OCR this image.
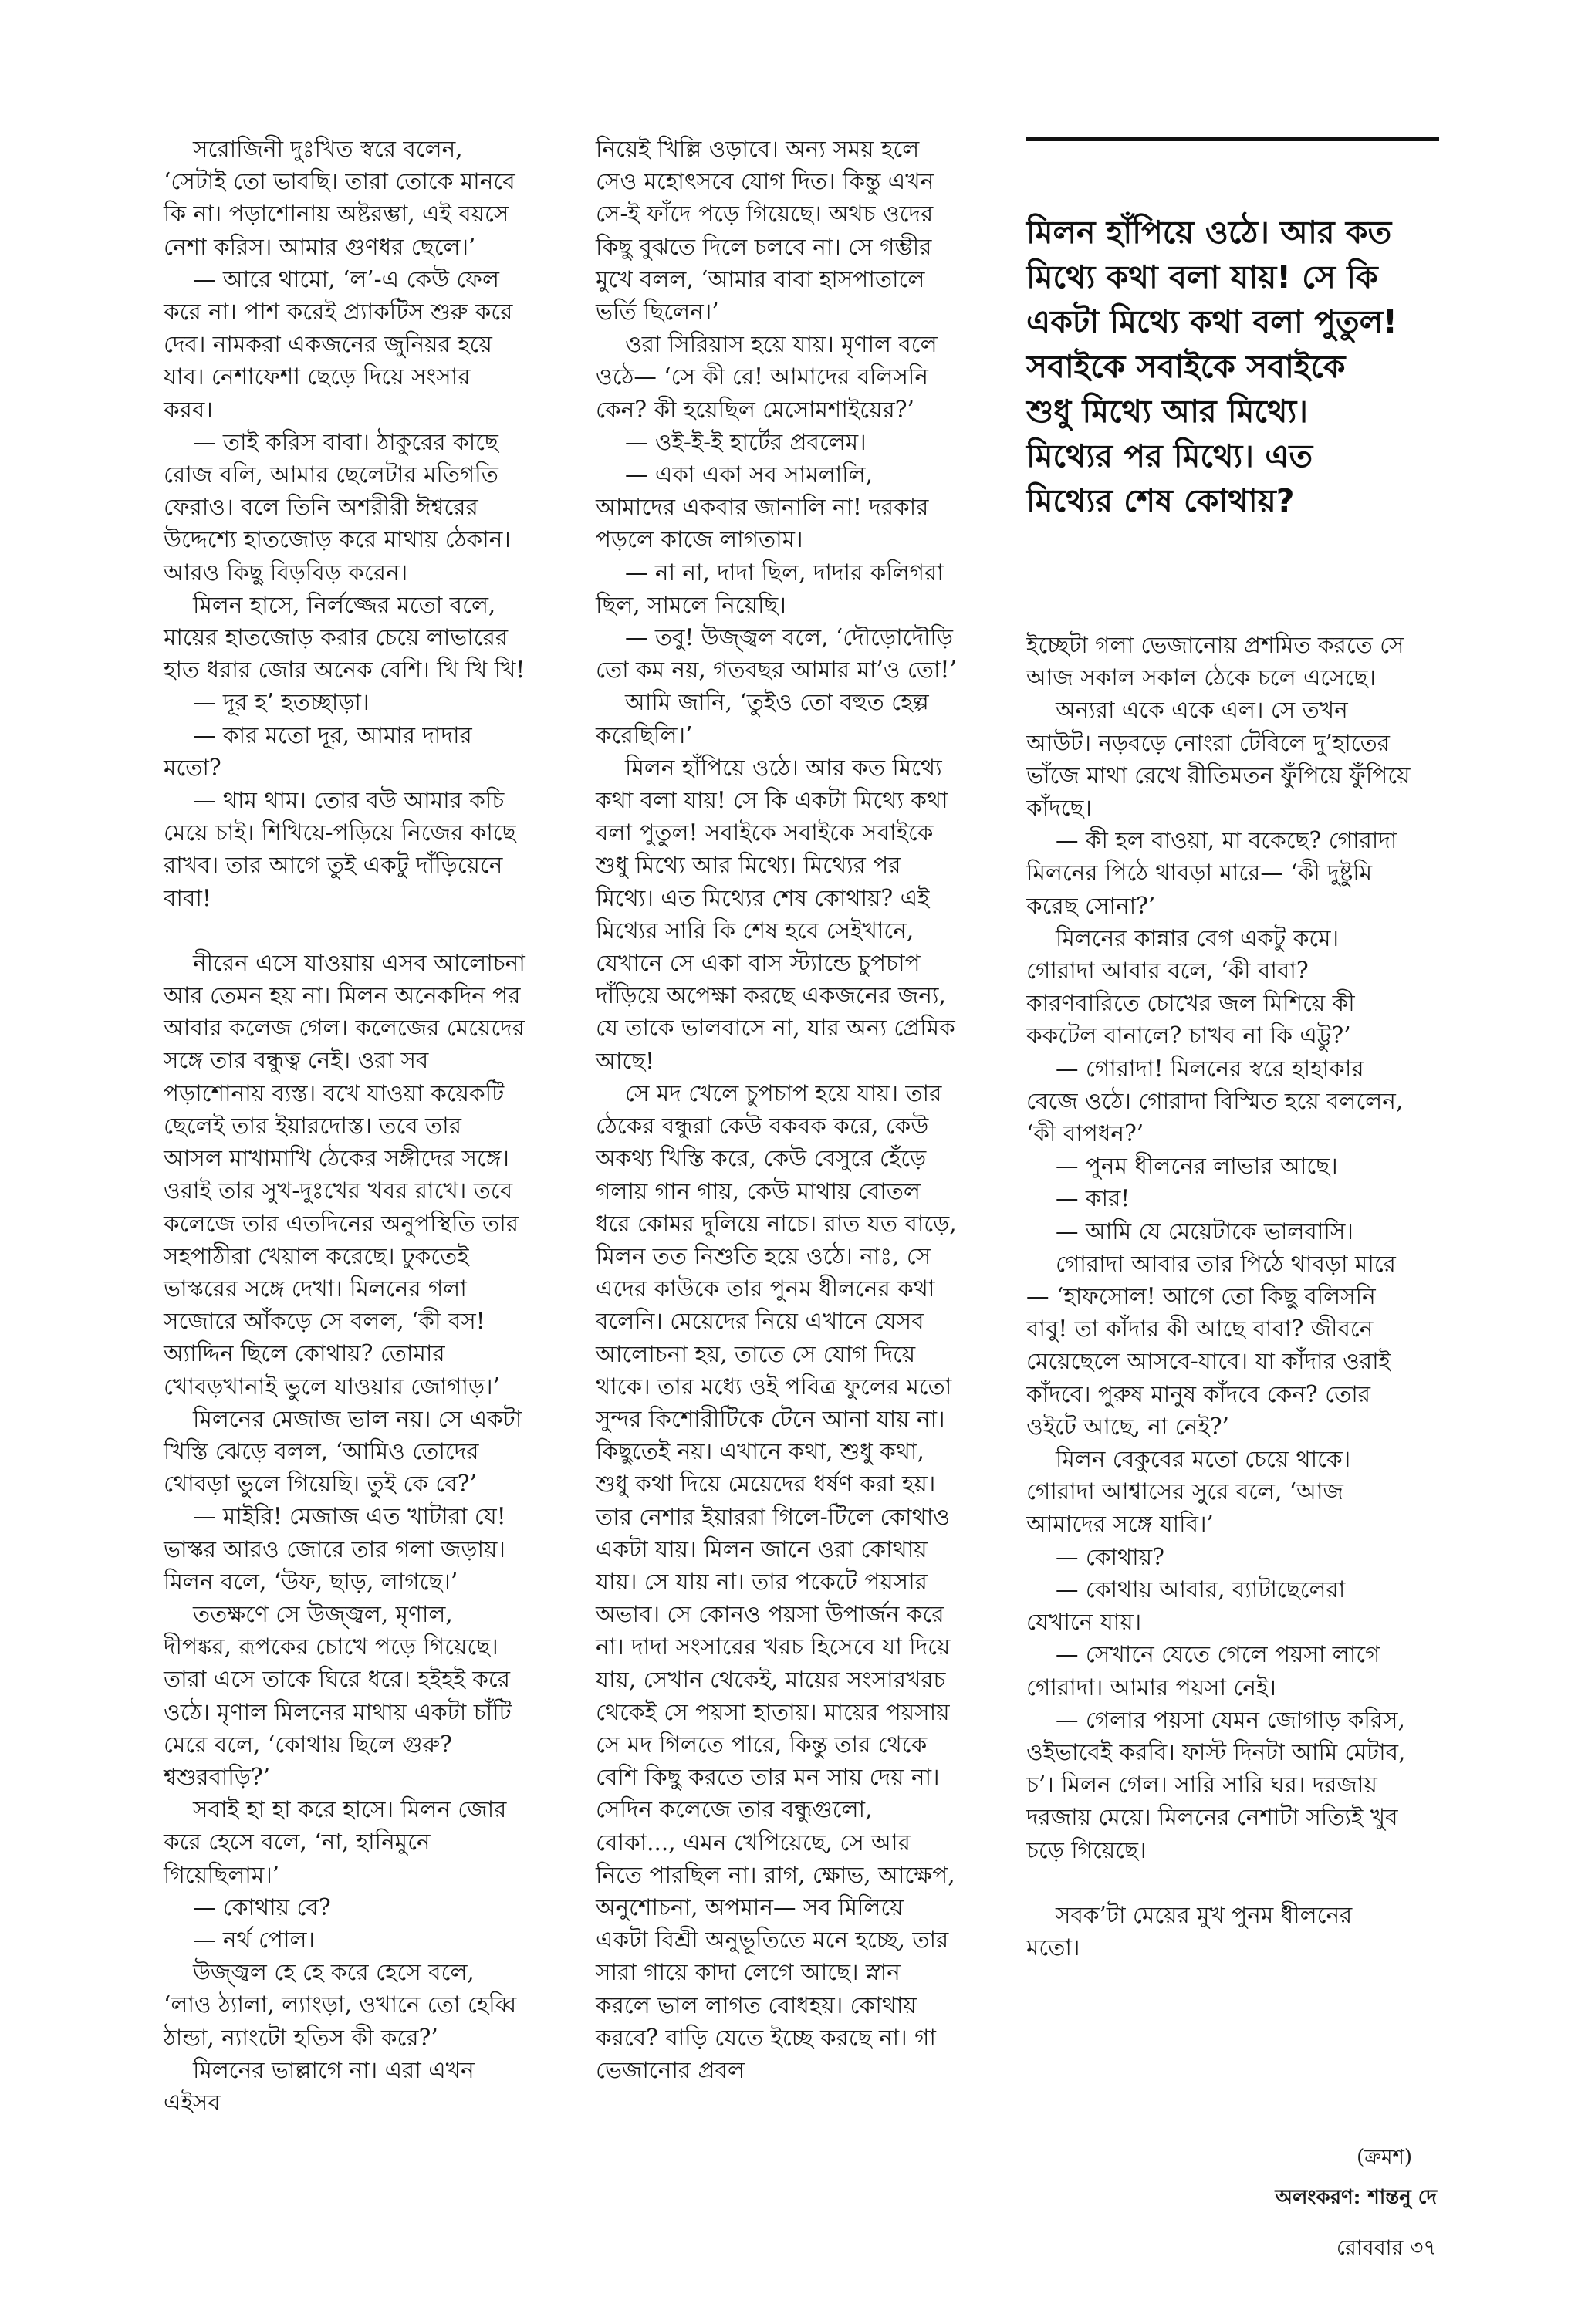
সরোজিনী দুঃখিত স্বরে বলেন, ‘সেটাই তো ভাবছি। তারা তোকে মানবে কি না। পড়াশোনায় অষ্টরম্ভা, এই বয়সে নেশা করিস। আমার গুণধর ছেলে।’

— আরে থামো, ‘ল’-এ কেউ ফেল করে না। পাশ করেই প্র্যাকটিস শুরু করে দেব। নামকরা একজনের জুনিয়র হয়ে যাব। নেশাফেশা ছেড়ে দিয়ে সংসার করব।

— তাই করিস বাবা। ঠাকুরের কাছে রোজ বলি, আমার ছেলেটার মতিগতি ফেরাও। বলে তিনি অশরীরী ঈশ্বরের উদ্দেশ্যে হাতজোড় করে মাথায় ঠেকান। আরও কিছু বিড়বিড় করেন।

মিলন হাসে, নির্লজ্জের মতো বলে, মায়ের হাতজোড় করার চেয়ে লাভারের হাত ধরার জোর অনেক বেশি। খি খি খি!

— দূর হ’ হতচ্ছাড়া।

— কার মতো দূর, আমার দাদার মতো?

— থাম থাম। তোর বউ আমার কচি মেয়ে চাই। শিখিয়ে-পড়িয়ে নিজের কাছে রাখব। তার আগে তুই একটু দাঁড়িয়েনে বাবা!

নীরেন এসে যাওয়ায় এসব আলোচনা আর তেমন হয় না। মিলন অনেকদিন পর আবার কলেজ গেল। কলেজের মেয়েদের সঙ্গে তার বন্ধুত্ব নেই। ওরা সব পড়াশোনায় ব্যস্ত। বখে যাওয়া কয়েকটি ছেলেই তার ইয়ারদোস্ত। তবে তার আসল মাখামাখি ঠেকের সঙ্গীদের সঙ্গে। ওরাই তার সুখ-দুঃখের খবর রাখে। তবে কলেজে তার এতদিনের অনুপস্থিতি তার সহপাঠীরা খেয়াল করেছে। ঢুকতেই ভাস্করের সঙ্গে দেখা। মিলনের গলা সজোরে আঁকড়ে সে বলল, ‘কী বস! অ্যাদ্দিন ছিলে কোথায়? তোমার খোবড়খানাই ভুলে যাওয়ার জোগাড়।’

মিলনের মেজাজ ভাল নয়। সে একটা খিস্তি ঝেড়ে বলল, ‘আমিও তোদের থোবড়া ভুলে গিয়েছি। তুই কে বে?’

— মাইরি! মেজাজ এত খাটারা যে! ভাস্কর আরও জোরে তার গলা জড়ায়। মিলন বলে, ‘উফ, ছাড়, লাগছে।’

ততক্ষণে সে উজ্জ্বল, মৃণাল, দীপঙ্কর, রূপকের চোখে পড়ে গিয়েছে। তারা এসে তাকে ঘিরে ধরে। হইহই করে ওঠে। মৃণাল মিলনের মাথায় একটা চাঁটি মেরে বলে, ‘কোথায় ছিলে গুরু? শ্বশুরবাড়ি?’

সবাই হা হা করে হাসে। মিলন জোর করে হেসে বলে, ‘না, হানিমুনে গিয়েছিলাম।’

— কোথায় বে?

— নর্থ পোল।

উজ্জ্বল হে হে করে হেসে বলে, ‘লাও ঠ্যালা, ল্যাংড়া, ওখানে তো হেব্বি ঠান্ডা, ন্যাংটো হতিস কী করে?’

মিলনের ভাল্লাগে না। এরা এখন এইসব

নিয়েই খিল্লি ওড়াবে। অন্য সময় হলে সেও মহোৎসবে যোগ দিত। কিন্তু এখন সে-ই ফাঁদে পড়ে গিয়েছে। অথচ ওদের কিছু বুঝতে দিলে চলবে না। সে গম্ভীর মুখে বলল, ‘আমার বাবা হাসপাতালে ভর্তি ছিলেন।’

ওরা সিরিয়াস হয়ে যায়। মৃণাল বলে ওঠে— ‘সে কী রে! আমাদের বলিসনি কেন? কী হয়েছিল মেসোমশাইয়ের?’

— ওই-ই-ই হার্টের প্রবলেম।

— একা একা সব সামলালি, আমাদের একবার জানালি না! দরকার পড়লে কাজে লাগতাম।

— না না, দাদা ছিল, দাদার কলিগরা ছিল, সামলে নিয়েছি।

— তবু! উজ্জ্বল বলে, ‘দৌড়োদৌড়ি তো কম নয়, গতবছর আমার মা’ও তো!’

আমি জানি, ‘তুইও তো বহুত হেল্প করেছিলি।’

মিলন হাঁপিয়ে ওঠে। আর কত মিথ্যে কথা বলা যায়! সে কি একটা মিথ্যে কথা বলা পুতুল! সবাইকে সবাইকে সবাইকে শুধু মিথ্যে আর মিথ্যে। মিথ্যের পর মিথ্যে। এত মিথ্যের শেষ কোথায়? এই মিথ্যের সারি কি শেষ হবে সেইখানে, যেখানে সে একা বাস স্ট্যান্ডে চুপচাপ দাঁড়িয়ে অপেক্ষা করছে একজনের জন্য, যে তাকে ভালবাসে না, যার অন্য প্রেমিক আছে!

সে মদ খেলে চুপচাপ হয়ে যায়। তার ঠেকের বন্ধুরা কেউ বকবক করে, কেউ অকথ্য খিস্তি করে, কেউ বেসুরে হেঁড়ে গলায় গান গায়, কেউ মাথায় বোতল ধরে কোমর দুলিয়ে নাচে। রাত যত বাড়ে, মিলন তত নিশুতি হয়ে ওঠে। নাঃ, সে এদের কাউকে তার পুনম ধীলনের কথা বলেনি। মেয়েদের নিয়ে এখানে যেসব আলোচনা হয়, তাতে সে যোগ দিয়ে থাকে। তার মধ্যে ওই পবিত্র ফুলের মতো সুন্দর কিশোরীটিকে টেনে আনা যায় না। কিছুতেই নয়। এখানে কথা, শুধু কথা, শুধু কথা দিয়ে মেয়েদের ধর্ষণ করা হয়। তার নেশার ইয়াররা গিলে-টিলে কোথাও একটা যায়। মিলন জানে ওরা কোথায় যায়। সে যায় না। তার পকেটে পয়সার অভাব। সে কোনও পয়সা উপার্জন করে না। দাদা সংসারের খরচ হিসেবে যা দিয়ে যায়, সেখান থেকেই, মায়ের সংসারখরচ থেকেই সে পয়সা হাতায়। মায়ের পয়সায় সে মদ গিলতে পারে, কিন্তু তার থেকে বেশি কিছু করতে তার মন সায় দেয় না। সেদিন কলেজে তার বন্ধুগুলো, বোকা..., এমন খেপিয়েছে, সে আর নিতে পারছিল না। রাগ, ক্ষোভ, আক্ষেপ, অনুশোচনা, অপমান— সব মিলিয়ে একটা বিশ্রী অনুভূতিতে মনে হচ্ছে, তার সারা গায়ে কাদা লেগে আছে। স্নান করলে ভাল লাগত বোধহয়। কোথায় করবে? বাড়ি যেতে ইচ্ছে করছে না। গা ভেজানোর প্রবল

মিলন হাঁপিয়ে ওঠে। আর কত
মিথ্যে কথা বলা যায়! সে কি
একটা মিথ্যে কথা বলা পুতুল!
সবাইকে সবাইকে সবাইকে
শুধু মিথ্যে আর মিথ্যে।
মিথ্যের পর মিথ্যে। এত
মিথ্যের শেষ কোথায়?

ইচ্ছেটা গলা ভেজানোয় প্রশমিত করতে সে আজ সকাল সকাল ঠেকে চলে এসেছে।

অন্যরা একে একে এল। সে তখন আউট। নড়বড়ে নোংরা টেবিলে দু’হাতের ভাঁজে মাথা রেখে রীতিমতন ফুঁপিয়ে ফুঁপিয়ে কাঁদছে।

— কী হল বাওয়া, মা বকেছে? গোরাদা মিলনের পিঠে থাবড়া মারে— ‘কী দুষ্টুমি করেছ সোনা?’

মিলনের কান্নার বেগ একটু কমে। গোরাদা আবার বলে, ‘কী বাবা? কারণবারিতে চোখের জল মিশিয়ে কী ককটেল বানালে? চাখব না কি এট্টু?’

— গোরাদা! মিলনের স্বরে হাহাকার বেজে ওঠে। গোরাদা বিস্মিত হয়ে বললেন, ‘কী বাপধন?’

— পুনম ধীলনের লাভার আছে।

— কার!

— আমি যে মেয়েটাকে ভালবাসি।

গোরাদা আবার তার পিঠে থাবড়া মারে— ‘হাফসোল! আগে তো কিছু বলিসনি বাবু! তা কাঁদার কী আছে বাবা? জীবনে মেয়েছেলে আসবে-যাবে। যা কাঁদার ওরাই কাঁদবে। পুরুষ মানুষ কাঁদবে কেন? তোর ওইটে আছে, না নেই?’

মিলন বেকুবের মতো চেয়ে থাকে। গোরাদা আশ্বাসের সুরে বলে, ‘আজ আমাদের সঙ্গে যাবি।’

— কোথায়?

— কোথায় আবার, ব্যাটাছেলেরা যেখানে যায়।

— সেখানে যেতে গেলে পয়সা লাগে গোরাদা। আমার পয়সা নেই।

— গেলার পয়সা যেমন জোগাড় করিস, ওইভাবেই করবি। ফাস্ট দিনটা আমি মেটাব, চ’। মিলন গেল। সারি সারি ঘর। দরজায় দরজায় মেয়ে। মিলনের নেশাটা সত্যিই খুব চড়ে গিয়েছে।

সবক’টা মেয়ের মুখ পুনম ধীলনের মতো।

(ক্রমশ)
অলংকরণ: শান্তনু দে
রোববার ৩৭
